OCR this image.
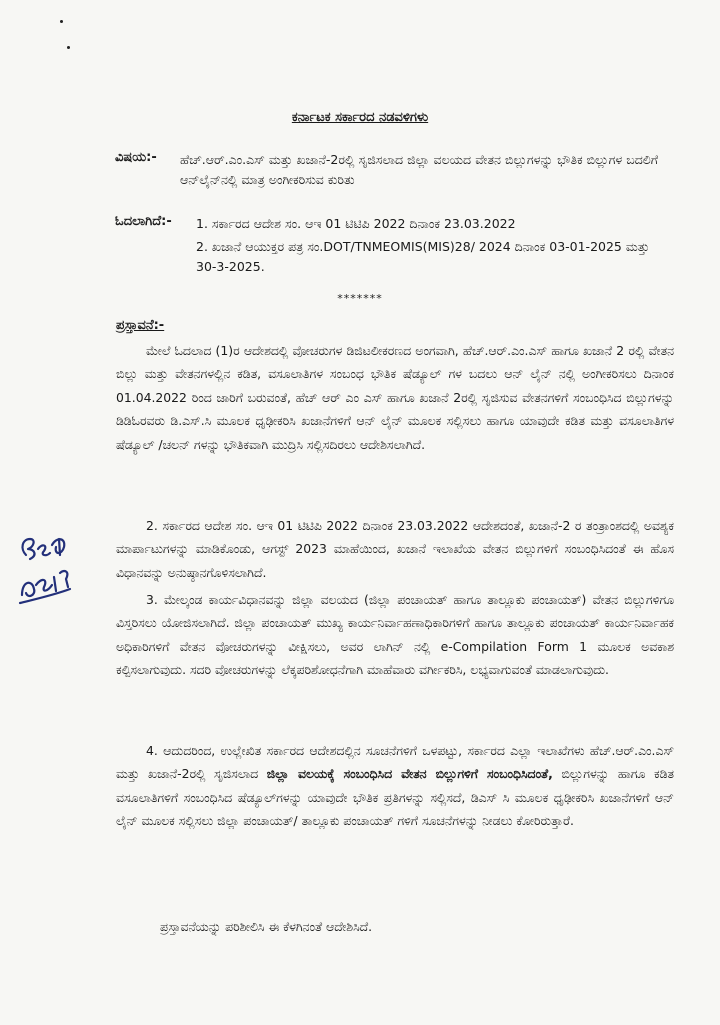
ಕರ್ನಾಟಕ ಸರ್ಕಾರದ ನಡವಳಿಗಳು
ವಿಷಯ:- ಹೆಚ್.ಆರ್.ಎಂ.ಎಸ್ ಮತ್ತು ಖಜಾನೆ-2ರಲ್ಲಿ ಸೃಜಿಸಲಾದ ಜಿಲ್ಲಾ ವಲಯದ ವೇತನ ಬಿಲ್ಲುಗಳನ್ನು ಭೌತಿಕ ಬಿಲ್ಲುಗಳ ಬದಲಿಗೆ ಆನ್‌ಲೈನ್‌ನಲ್ಲಿ ಮಾತ್ರ ಅಂಗೀಕರಿಸುವ ಕುರಿತು
ಓದಲಾಗಿದೆ:- 1. ಸರ್ಕಾರದ ಆದೇಶ ಸಂ. ಆಇ 01 ಟಿಟಿಪಿ 2022 ದಿನಾಂಕ 23.03.2022
2. ಖಜಾನೆ ಆಯುಕ್ತರ ಪತ್ರ ಸಂ.DOT/TNMEOMIS(MIS)28/ 2024 ದಿನಾಂಕ 03-01-2025 ಮತ್ತು 30-3-2025.
*******
ಪ್ರಸ್ತಾವನೆ:-
ಮೇಲೆ ಓದಲಾದ (1)ರ ಆದೇಶದಲ್ಲಿ ವೋಚರುಗಳ ಡಿಜಿಟಲೀಕರಣದ ಅಂಗವಾಗಿ, ಹೆಚ್.ಆರ್.ಎಂ.ಎಸ್ ಹಾಗೂ ಖಜಾನೆ 2 ರಲ್ಲಿ ವೇತನ ಬಿಲ್ಲು ಮತ್ತು ವೇತನಗಳಲ್ಲಿನ ಕಡಿತ, ವಸೂಲಾತಿಗಳ ಸಂಬಂಧ ಭೌತಿಕ ಷೆಡ್ಯೂಲ್ ಗಳ ಬದಲು ಆನ್ ಲೈನ್ ನಲ್ಲಿ ಅಂಗೀಕರಿಸಲು ದಿನಾಂಕ 01.04.2022 ರಿಂದ ಜಾರಿಗೆ ಬರುವಂತೆ, ಹೆಚ್ ಆರ್ ಎಂ ಎಸ್ ಹಾಗೂ ಖಜಾನೆ 2ರಲ್ಲಿ ಸೃಜಿಸುವ ವೇತನಗಳಿಗೆ ಸಂಬಂಧಿಸಿದ ಬಿಲ್ಲುಗಳನ್ನು ಡಿಡಿಓರವರು ಡಿ.ಎಸ್.ಸಿ ಮೂಲಕ ಧೃಢೀಕರಿಸಿ ಖಜಾನೆಗಳಿಗೆ ಆನ್ ಲೈನ್ ಮೂಲಕ ಸಲ್ಲಿಸಲು ಹಾಗೂ ಯಾವುದೇ ಕಡಿತ ಮತ್ತು ವಸೂಲಾತಿಗಳ ಷೆಡ್ಯೂಲ್ /ಚಲನ್ ಗಳನ್ನು ಭೌತಿಕವಾಗಿ ಮುದ್ರಿಸಿ ಸಲ್ಲಿಸದಿರಲು ಆದೇಶಿಸಲಾಗಿದೆ.
2. ಸರ್ಕಾರದ ಆದೇಶ ಸಂ. ಆಇ 01 ಟಿಟಿಪಿ 2022 ದಿನಾಂಕ 23.03.2022 ಆದೇಶದಂತೆ, ಖಜಾನೆ-2 ರ ತಂತ್ರಾಂಶದಲ್ಲಿ ಅವಶ್ಯಕ ಮಾರ್ಪಾಟುಗಳನ್ನು ಮಾಡಿಕೊಂಡು, ಆಗಸ್ಟ್ 2023 ಮಾಹೆಯಿಂದ, ಖಜಾನೆ ಇಲಾಖೆಯ ವೇತನ ಬಿಲ್ಲುಗಳಿಗೆ ಸಂಬಂಧಿಸಿದಂತೆ ಈ ಹೊಸ ವಿಧಾನವನ್ನು ಅನುಷ್ಠಾನಗೊಳಿಸಲಾಗಿದೆ.
3. ಮೇಲ್ಕಂಡ ಕಾರ್ಯವಿಧಾನವನ್ನು ಜಿಲ್ಲಾ ವಲಯದ (ಜಿಲ್ಲಾ ಪಂಚಾಯತ್ ಹಾಗೂ ತಾಲ್ಲೂಕು ಪಂಚಾಯತ್) ವೇತನ ಬಿಲ್ಲುಗಳಿಗೂ ವಿಸ್ತರಿಸಲು ಯೋಜಿಸಲಾಗಿದೆ. ಜಿಲ್ಲಾ ಪಂಚಾಯತ್ ಮುಖ್ಯ ಕಾರ್ಯನಿರ್ವಾಹಣಾಧಿಕಾರಿಗಳಿಗೆ ಹಾಗೂ ತಾಲ್ಲೂಕು ಪಂಚಾಯತ್ ಕಾರ್ಯನಿರ್ವಾಹಕ ಅಧಿಕಾರಿಗಳಿಗೆ ವೇತನ ವೋಚರುಗಳನ್ನು ವೀಕ್ಷಿಸಲು, ಅವರ ಲಾಗಿನ್ ನಲ್ಲಿ e-Compilation Form 1 ಮೂಲಕ ಅವಕಾಶ ಕಲ್ಪಿಸಲಾಗುವುದು. ಸದರಿ ವೋಚರುಗಳನ್ನು ಲೆಕ್ಕಪರಿಶೋಧನೆಗಾಗಿ ಮಾಹೆವಾರು ವರ್ಗೀಕರಿಸಿ, ಲಭ್ಯವಾಗುವಂತೆ ಮಾಡಲಾಗುವುದು.
4. ಆದುದರಿಂದ, ಉಲ್ಲೇಖಿತ ಸರ್ಕಾರದ ಆದೇಶದಲ್ಲಿನ ಸೂಚನೆಗಳಿಗೆ ಒಳಪಟ್ಟು, ಸರ್ಕಾರದ ಎಲ್ಲಾ ಇಲಾಖೆಗಳು ಹೆಚ್.ಆರ್.ಎಂ.ಎಸ್ ಮತ್ತು ಖಜಾನೆ-2ರಲ್ಲಿ ಸೃಜಿಸಲಾದ ಜಿಲ್ಲಾ ವಲಯಕ್ಕೆ ಸಂಬಂಧಿಸಿದ ವೇತನ ಬಿಲ್ಲುಗಳಿಗೆ ಸಂಬಂಧಿಸಿದಂತೆ, ಬಿಲ್ಲುಗಳನ್ನು ಹಾಗೂ ಕಡಿತ ವಸೂಲಾತಿಗಳಿಗೆ ಸಂಬಂಧಿಸಿದ ಷೆಡ್ಯೂಲ್‌ಗಳನ್ನು ಯಾವುದೇ ಭೌತಿಕ ಪ್ರತಿಗಳನ್ನು ಸಲ್ಲಿಸದೆ, ಡಿಎಸ್ ಸಿ ಮೂಲಕ ಧೃಢೀಕರಿಸಿ ಖಜಾನೆಗಳಿಗೆ ಆನ್ ಲೈನ್ ಮೂಲಕ ಸಲ್ಲಿಸಲು ಜಿಲ್ಲಾ ಪಂಚಾಯತ್/ ತಾಲ್ಲೂಕು ಪಂಚಾಯತ್ ಗಳಿಗೆ ಸೂಚನೆಗಳನ್ನು ನೀಡಲು ಕೋರಿರುತ್ತಾರೆ.
ಪ್ರಸ್ತಾವನೆಯನ್ನು ಪರಿಶೀಲಿಸಿ ಈ ಕೆಳಗಿನಂತೆ ಆದೇಶಿಸಿದೆ.
